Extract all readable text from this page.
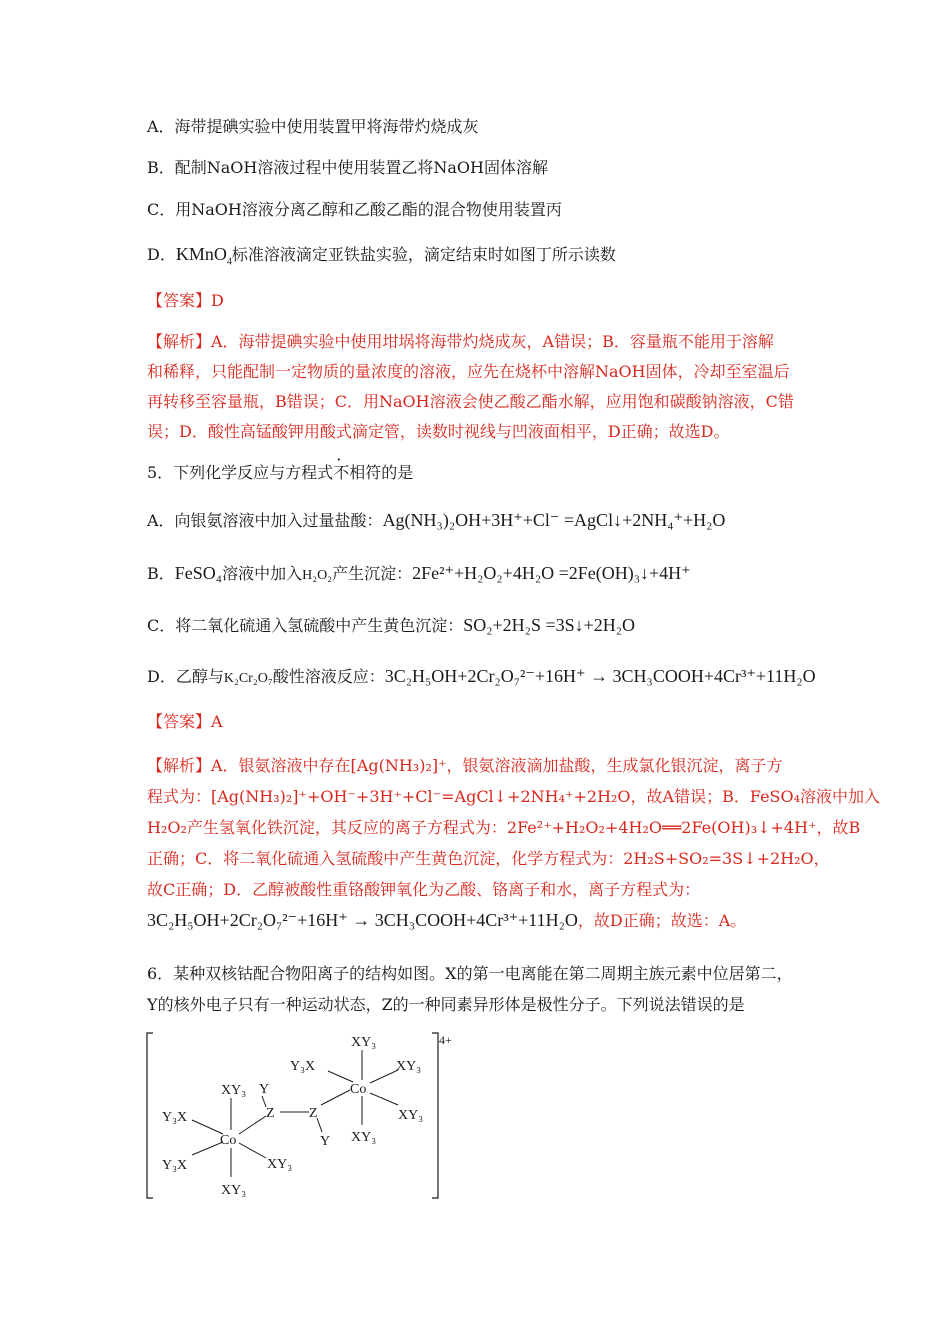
A．海带提碘实验中使用装置甲将海带灼烧成灰
B．配制NaOH溶液过程中使用装置乙将NaOH固体溶解
C．用NaOH溶液分离乙醇和乙酸乙酯的混合物使用装置丙
D．KMnO$_4$标准溶液滴定亚铁盐实验，滴定结束时如图丁所示读数
【答案】D
【解析】A．海带提碘实验中使用坩埚将海带灼烧成灰，A错误；B．容量瓶不能用于溶解
和稀释，只能配制一定物质的量浓度的溶液，应先在烧杯中溶解NaOH固体，冷却至室温后
再转移至容量瓶，B错误；C．用NaOH溶液会使乙酸乙酯水解，应用饱和碳酸钠溶液，C错
误；D．酸性高锰酸钾用酸式滴定管，读数时视线与凹液面相平，D正确；故选D。
5．下列化学反应与方程式不相符的是
A．向银氨溶液中加入过量盐酸：Ag(NH₃)₂OH+3H⁺+Cl⁻ =AgCl↓+2NH₄⁺+H₂O
B．FeSO₄溶液中加入H₂O₂产生沉淀：2Fe²⁺+H₂O₂+4H₂O =2Fe(OH)₃↓+4H⁺
C．将二氧化硫通入氢硫酸中产生黄色沉淀：SO₂+2H₂S =3S↓+2H₂O
D．乙醇与K₂Cr₂O₇酸性溶液反应：3C₂H₅OH+2Cr₂O₇²⁻+16H⁺ → 3CH₃COOH+4Cr³⁺+11H₂O
【答案】A
【解析】A．银氨溶液中存在[Ag(NH₃)₂]⁺，银氨溶液滴加盐酸，生成氯化银沉淀，离子方
程式为：[Ag(NH₃)₂]⁺+OH⁻+3H⁺+Cl⁻=AgCl↓+2NH₄⁺+2H₂O，故A错误；B．FeSO₄溶液中加入
H₂O₂产生氢氧化铁沉淀，其反应的离子方程式为：2Fe²⁺+H₂O₂+4H₂O══2Fe(OH)₃↓+4H⁺，故B
正确；C．将二氧化硫通入氢硫酸中产生黄色沉淀，化学方程式为：2H₂S+SO₂=3S↓+2H₂O，
故C正确；D．乙醇被酸性重铬酸钾氧化为乙酸、铬离子和水，离子方程式为：
3C₂H₅OH+2Cr₂O₇²⁻+16H⁺ → 3CH₃COOH+4Cr³⁺+11H₂O，故D正确；故选：A。
6．某种双核钴配合物阳离子的结构如图。X的第一电离能在第二周期主族元素中位居第二，
Y的核外电子只有一种运动状态，Z的一种同素异形体是极性分子。下列说法错误的是
4+
XY₃
XY₃
Y₃X
Y₃X
Co
XY₃
Y
Z Z
Y
Y₃X
Co
XY₃
XY₃
XY₃
XY₃
